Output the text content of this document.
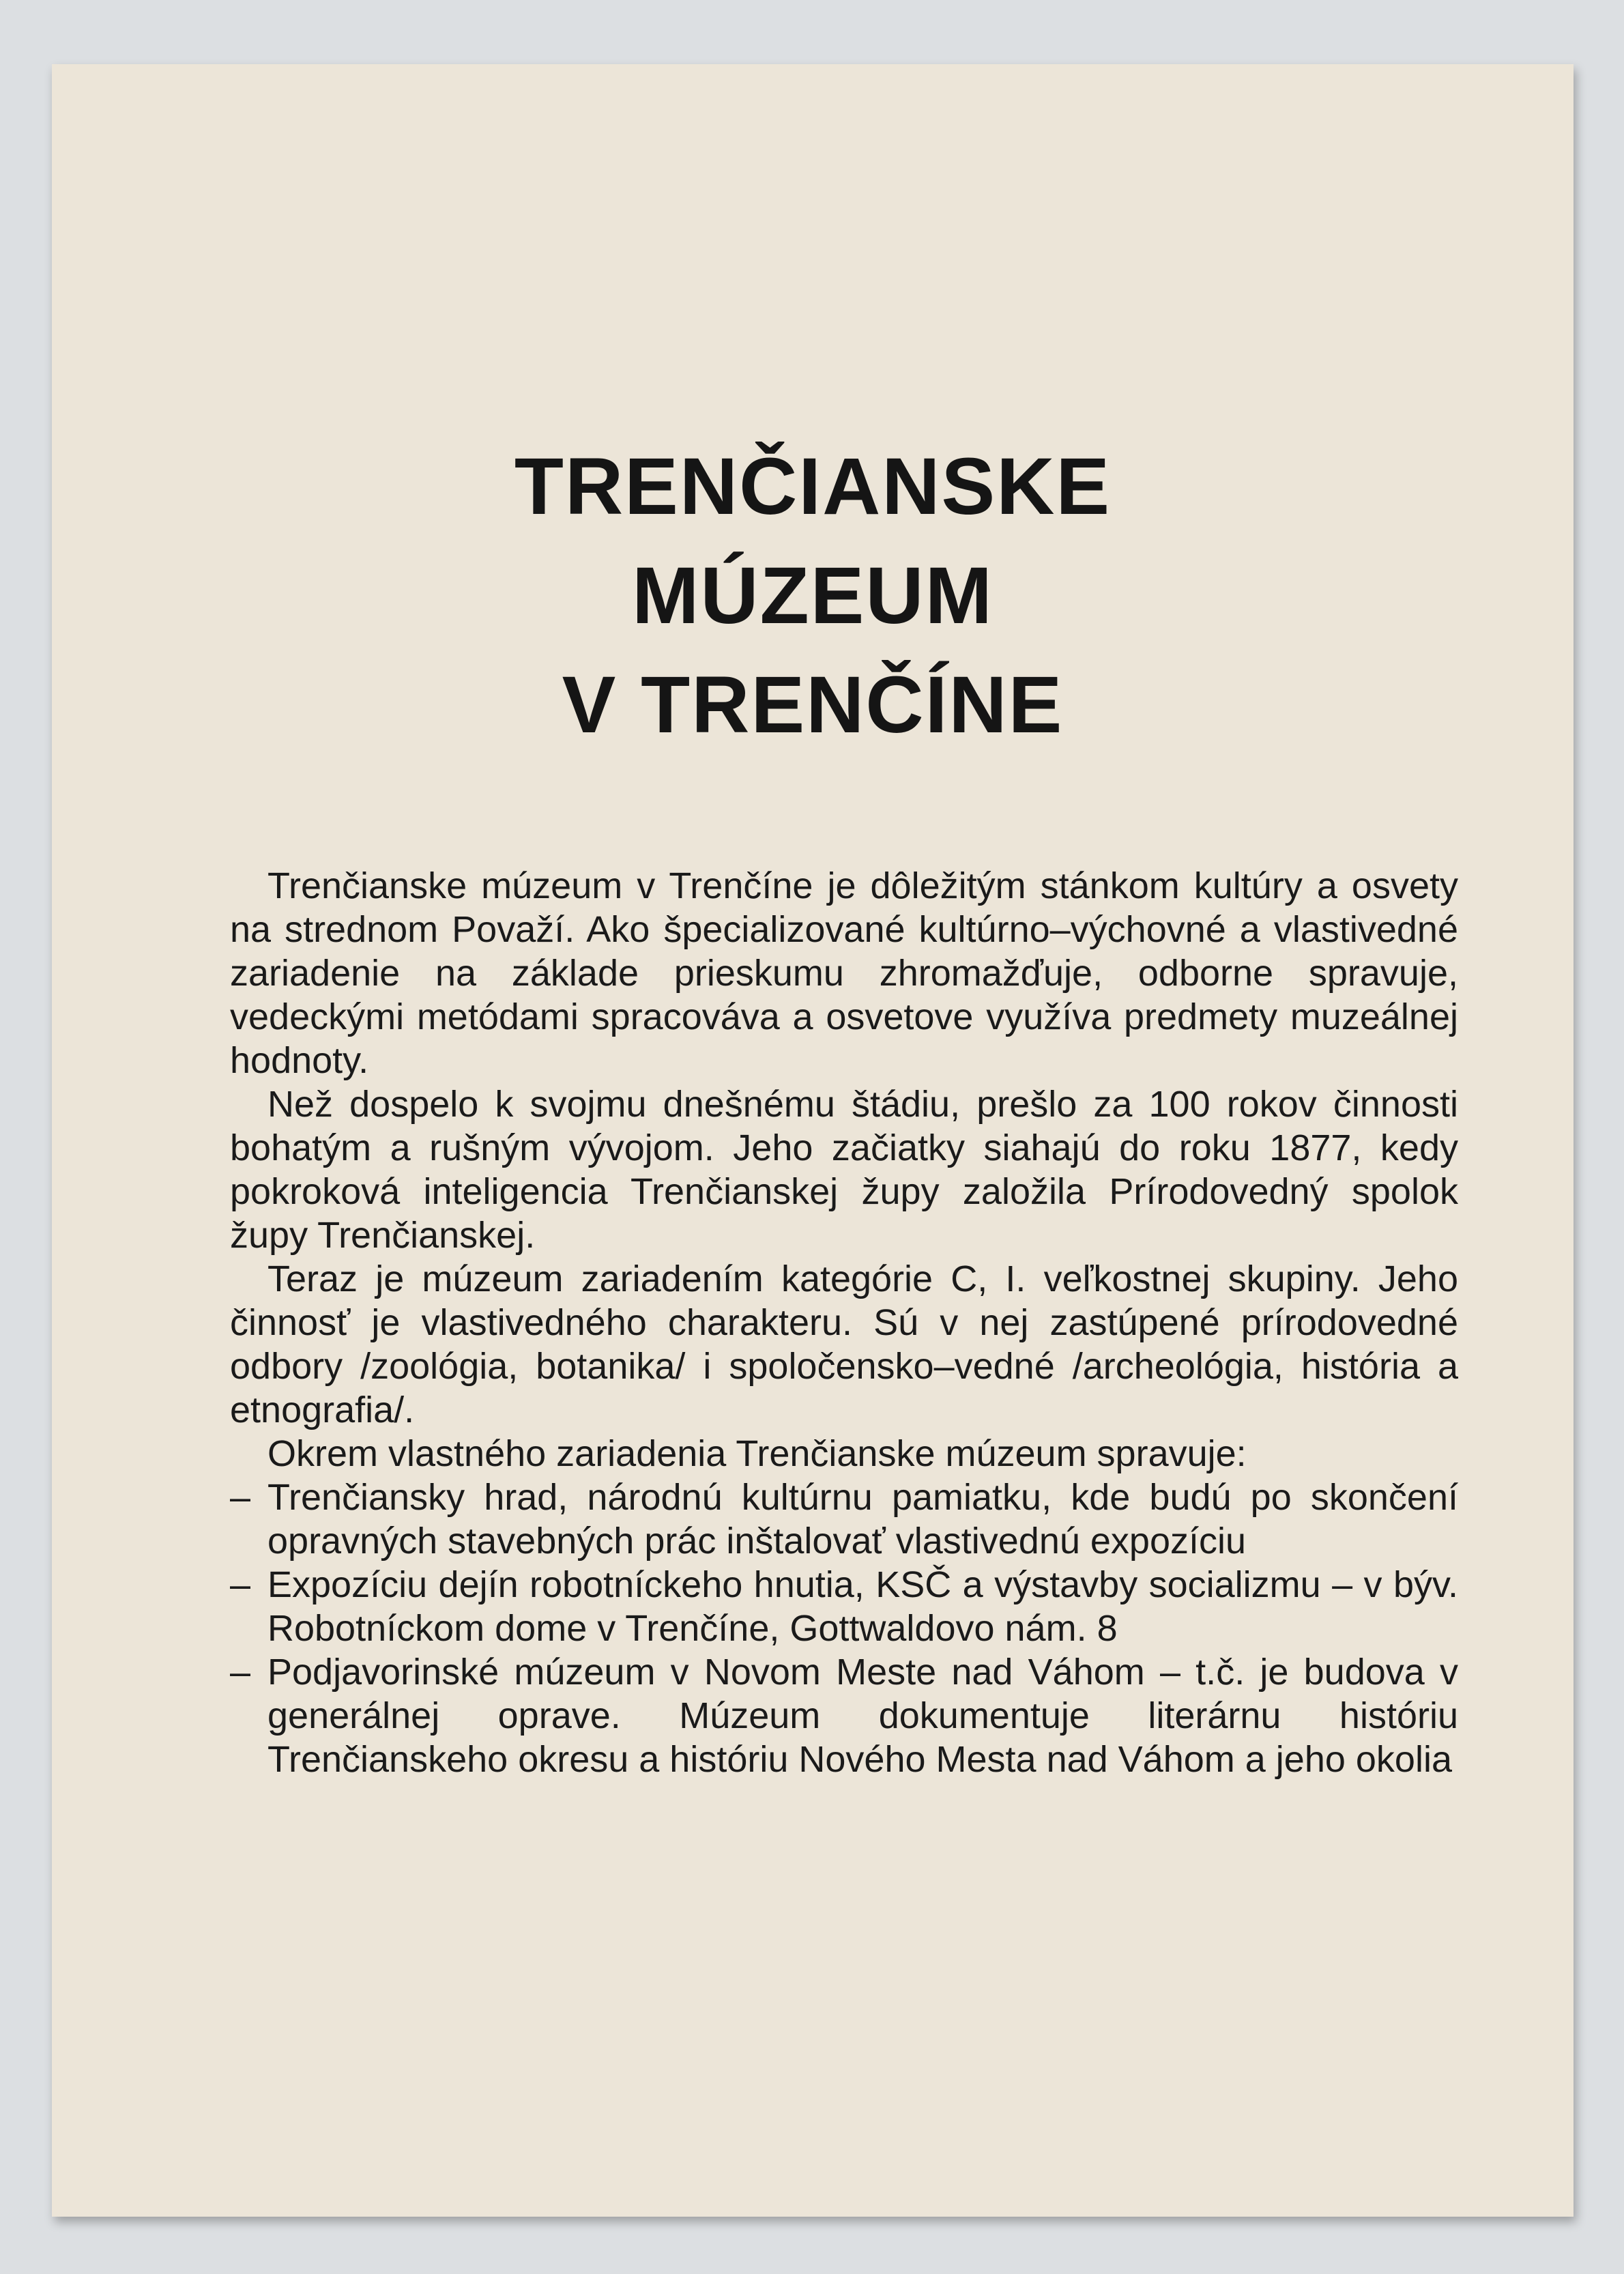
TRENČIANSKE
MÚZEUM
V TRENČÍNE

Trenčianske múzeum v Trenčíne je dôležitým stánkom kultúry a osvety na strednom Považí. Ako špecializované kultúrno–výchovné a vlastivedné zariadenie na základe prieskumu zhromažďuje, odborne spravuje, vedeckými metódami spracováva a osvetove využíva predmety muzeálnej hodnoty.

Než dospelo k svojmu dnešnému štádiu, prešlo za 100 rokov činnosti bohatým a rušným vývojom. Jeho začiatky siahajú do roku 1877, kedy pokroková inteligencia Trenčianskej župy založila Prírodovedný spolok župy Trenčianskej.

Teraz je múzeum zariadením kategórie C, I. veľkostnej skupiny. Jeho činnosť je vlastivedného charakteru. Sú v nej zastúpené prírodovedné odbory /zoológia, botanika/ i spoločensko–vedné /archeológia, história a etnografia/.

Okrem vlastného zariadenia Trenčianske múzeum spravuje:

– Trenčiansky hrad, národnú kultúrnu pamiatku, kde budú po skončení opravných stavebných prác inštalovať vlastivednú expozíciu

– Expozíciu dejín robotníckeho hnutia, KSČ a výstavby socializmu – v býv. Robotníckom dome v Trenčíne, Gottwaldovo nám. 8

– Podjavorinské múzeum v Novom Meste nad Váhom – t.č. je budova v generálnej oprave. Múzeum dokumentuje literárnu históriu Trenčianskeho okresu a históriu Nového Mesta nad Váhom a jeho okolia
